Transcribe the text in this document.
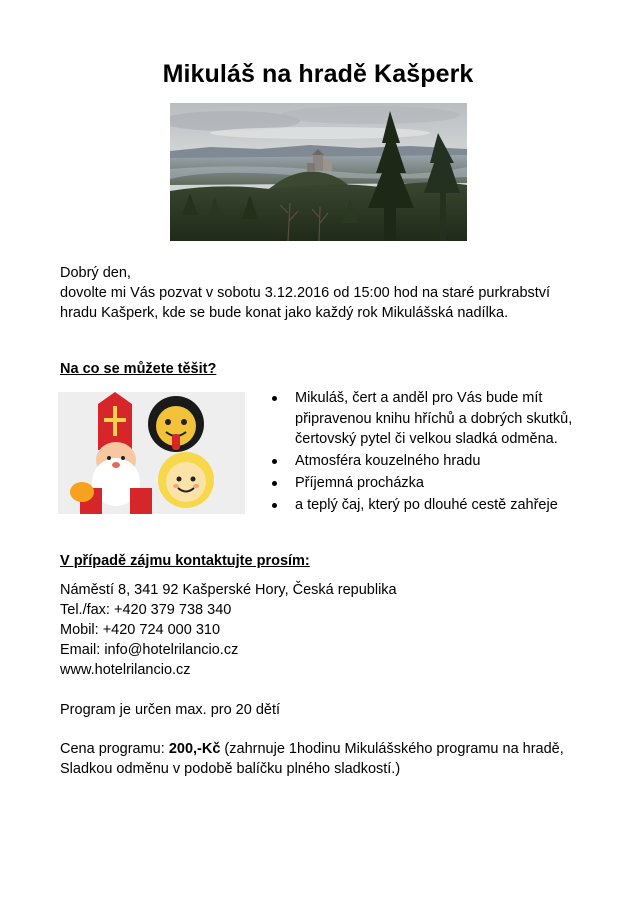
Mikuláš na hradě Kašperk

Dobrý den,

dovolte mi Vás pozvat v sobotu 3.12.2016 od 15:00 hod na staré purkrabství

hradu Kašperk, kde se bude konat jako každý rok Mikulášská nadílka.

Na co se můžete těšit?

Mikuláš, čert a anděl pro Vás bude mít
připravenou knihu hříchů a dobrých skutků,
čertovský pytel či velkou sladká odměna.
Atmosféra kouzelného hradu
Příjemná procházka
a teplý čaj, který po dlouhé cestě zahřeje

V případě zájmu kontaktujte prosím:

Náměstí 8, 341 92 Kašperské Hory, Česká republika

Tel./fax: +420 379 738 340

Mobil: +420 724 000 310

Email: info@hotelrilancio.cz

www.hotelrilancio.cz

Program je určen max. pro 20 dětí

Cena programu: 200,-Kč (zahrnuje 1hodinu Mikulášského programu na hradě,

Sladkou odměnu v podobě balíčku plného sladkostí.)
